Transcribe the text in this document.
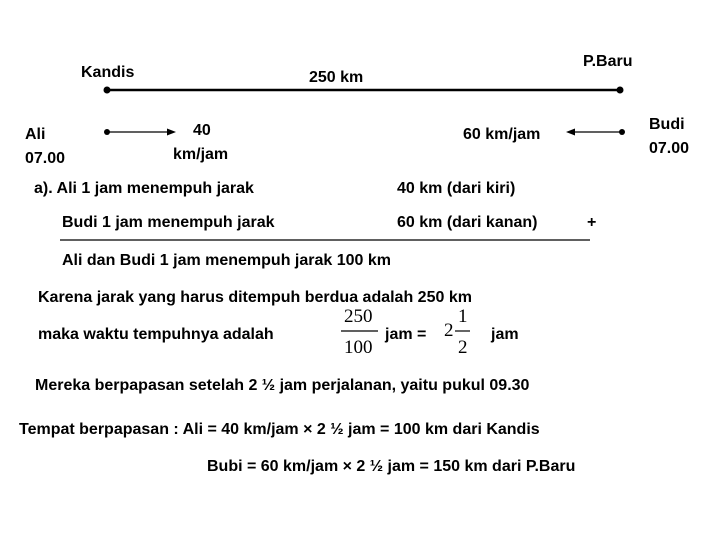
Kandis
P.Baru
250 km
Ali
07.00
40
km/jam
60 km/jam
Budi
07.00
a). Ali 1 jam menempuh jarak	40 km (dari kiri)
Budi 1 jam menempuh jarak	60 km (dari kanan)	+
Ali dan Budi 1 jam menempuh jarak 100 km
Karena jarak yang harus ditempuh berdua adalah 250 km
maka waktu tempuhnya adalah
250
100
jam = 2
1
2
jam
Mereka berpapasan setelah 2 ½ jam perjalanan, yaitu pukul 09.30
Tempat berpapasan : Ali = 40 km/jam × 2 ½ jam = 100 km dari Kandis
Bubi = 60 km/jam × 2 ½ jam = 150 km dari P.Baru
